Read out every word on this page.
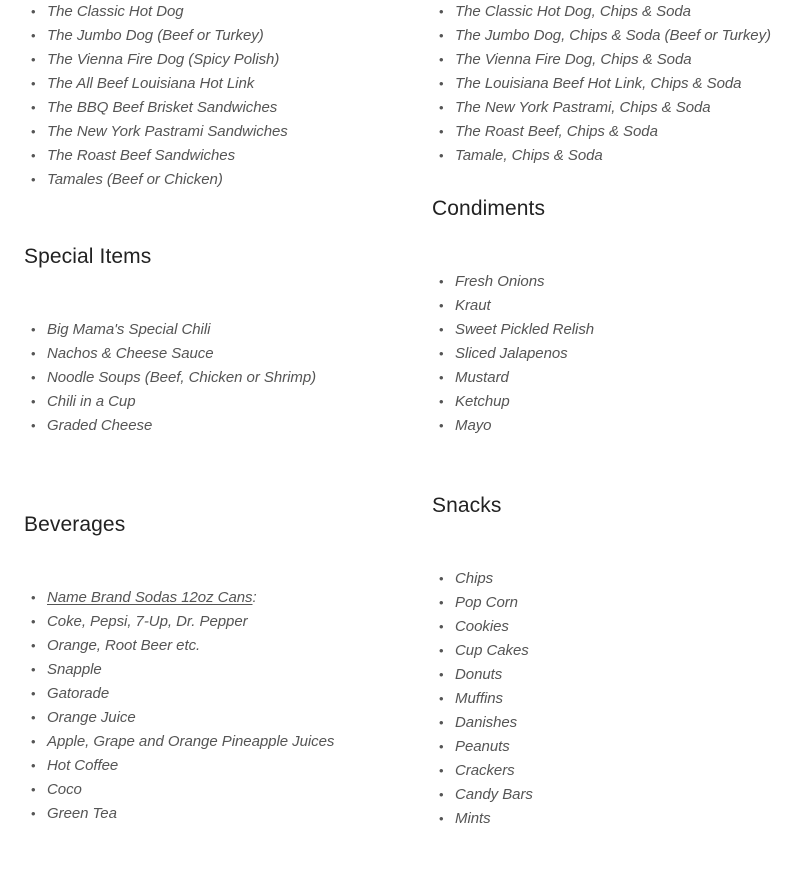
• The Classic Hot Dog
• The Jumbo Dog (Beef or Turkey)
• The Vienna Fire Dog (Spicy Polish)
• The All Beef Louisiana Hot Link
• The BBQ Beef Brisket Sandwiches
• The New York Pastrami Sandwiches
• The Roast Beef Sandwiches
• Tamales (Beef or Chicken)
Special Items
• Big Mama's Special Chili
• Nachos & Cheese Sauce
• Noodle Soups (Beef, Chicken or Shrimp)
• Chili in a Cup
• Graded Cheese
Beverages
• Name Brand Sodas 12oz Cans:
• Coke, Pepsi, 7-Up, Dr. Pepper
• Orange, Root Beer etc.
• Snapple
• Gatorade
• Orange Juice
• Apple, Grape and Orange Pineapple Juices
• Hot Coffee
• Coco
• Green Tea
• The Classic Hot Dog, Chips & Soda
• The Jumbo Dog, Chips & Soda (Beef or Turkey)
• The Vienna Fire Dog, Chips & Soda
• The Louisiana Beef Hot Link, Chips & Soda
• The New York Pastrami, Chips & Soda
• The Roast Beef, Chips & Soda
• Tamale, Chips & Soda
Condiments
• Fresh Onions
• Kraut
• Sweet Pickled Relish
• Sliced Jalapenos
• Mustard
• Ketchup
• Mayo
Snacks
• Chips
• Pop Corn
• Cookies
• Cup Cakes
• Donuts
• Muffins
• Danishes
• Peanuts
• Crackers
• Candy Bars
• Mints
•
